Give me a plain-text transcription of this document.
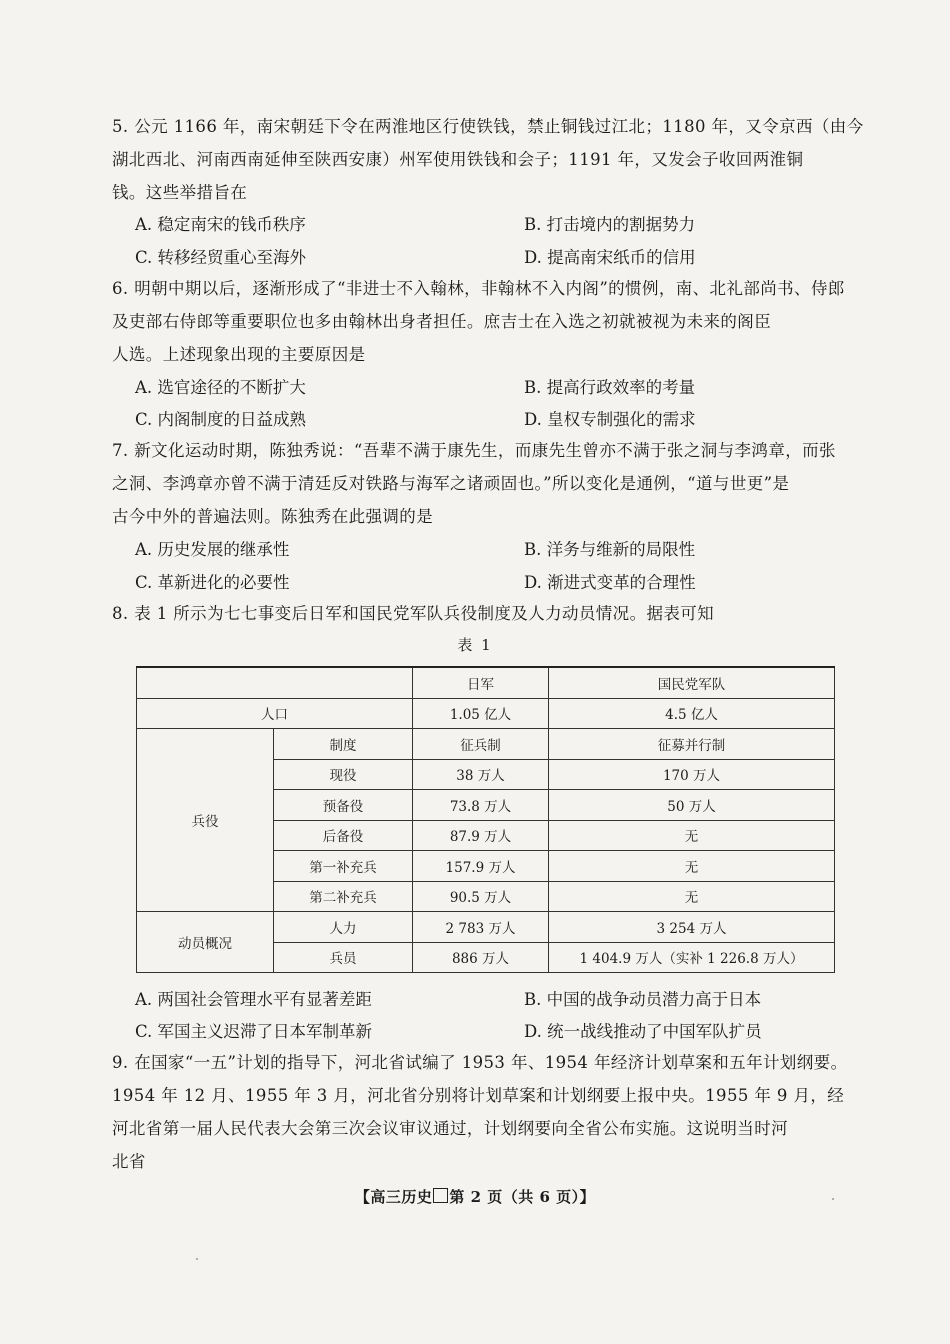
5. 公元 1166 年，南宋朝廷下令在两淮地区行使铁钱，禁止铜钱过江北；1180 年，又令京西（由今
湖北西北、河南西南延伸至陕西安康）州军使用铁钱和会子；1191 年，又发会子收回两淮铜
钱。这些举措旨在
A. 稳定南宋的钱币秩序	B. 打击境内的割据势力
C. 转移经贸重心至海外	D. 提高南宋纸币的信用
6. 明朝中期以后，逐渐形成了“非进士不入翰林，非翰林不入内阁”的惯例，南、北礼部尚书、侍郎
及吏部右侍郎等重要职位也多由翰林出身者担任。庶吉士在入选之初就被视为未来的阁臣
人选。上述现象出现的主要原因是
A. 选官途径的不断扩大	B. 提高行政效率的考量
C. 内阁制度的日益成熟	D. 皇权专制强化的需求
7. 新文化运动时期，陈独秀说：“吾辈不满于康先生，而康先生曾亦不满于张之洞与李鸿章，而张
之洞、李鸿章亦曾不满于清廷反对铁路与海军之诸顽固也。”所以变化是通例，“道与世更”是
古今中外的普遍法则。陈独秀在此强调的是
A. 历史发展的继承性	B. 洋务与维新的局限性
C. 革新进化的必要性	D. 渐进式变革的合理性
8. 表 1 所示为七七事变后日军和国民党军队兵役制度及人力动员情况。据表可知
表 1
		日军	国民党军队
人口		1.05 亿人	4.5 亿人
兵役	制度	征兵制	征募并行制
	现役	38 万人	170 万人
	预备役	73.8 万人	50 万人
	后备役	87.9 万人	无
	第一补充兵	157.9 万人	无
	第二补充兵	90.5 万人	无
动员概况	人力	2 783 万人	3 254 万人
	兵员	886 万人	1 404.9 万人（实补 1 226.8 万人）
A. 两国社会管理水平有显著差距	B. 中国的战争动员潜力高于日本
C. 军国主义迟滞了日本军制革新	D. 统一战线推动了中国军队扩员
9. 在国家“一五”计划的指导下，河北省试编了 1953 年、1954 年经济计划草案和五年计划纲要。
1954 年 12 月、1955 年 3 月，河北省分别将计划草案和计划纲要上报中央。1955 年 9 月，经
河北省第一届人民代表大会第三次会议审议通过，计划纲要向全省公布实施。这说明当时河
北省
【高三历史 第 2 页（共 6 页）】
